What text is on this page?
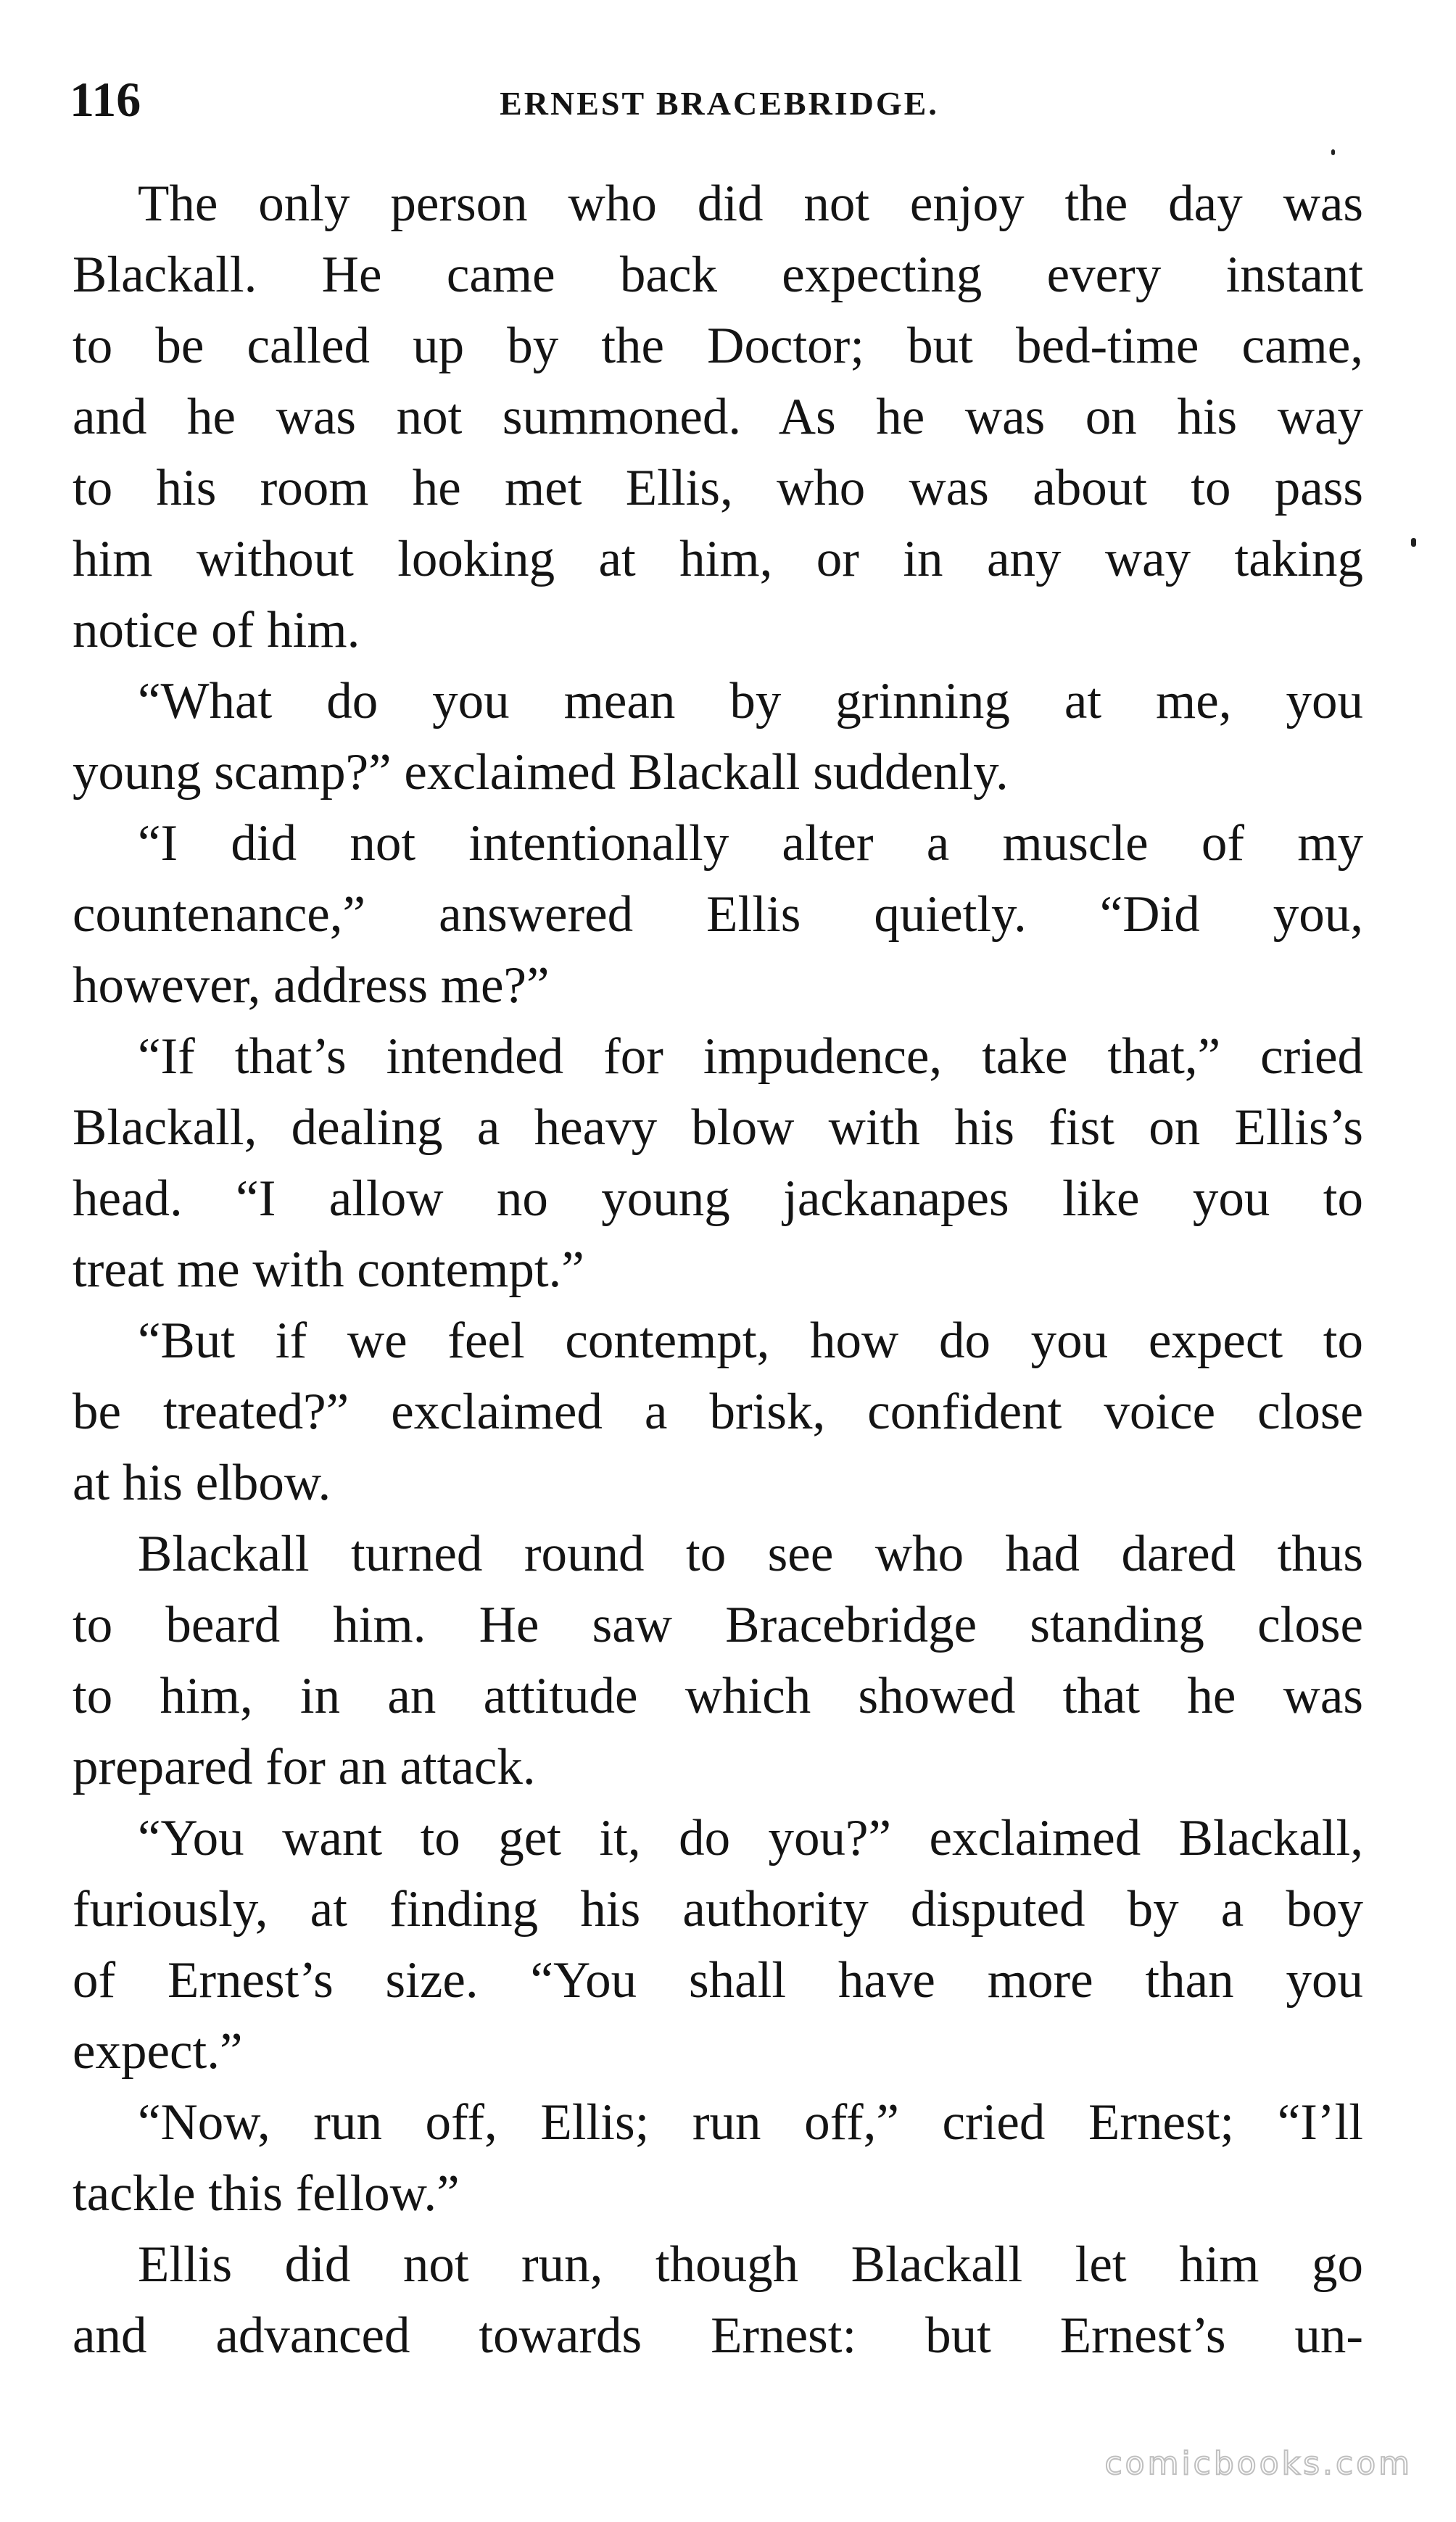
116	ERNEST BRACEBRIDGE.
The only person who did not enjoy the day was
Blackall. He came back expecting every instant
to be called up by the Doctor; but bed-time came,
and he was not summoned. As he was on his way
to his room he met Ellis, who was about to pass
him without looking at him, or in any way taking
notice of him.
“What do you mean by grinning at me, you
young scamp?” exclaimed Blackall suddenly.
“I did not intentionally alter a muscle of my
countenance,” answered Ellis quietly. “Did you,
however, address me?”
“If that’s intended for impudence, take that,” cried
Blackall, dealing a heavy blow with his fist on Ellis’s
head. “I allow no young jackanapes like you to
treat me with contempt.”
“But if we feel contempt, how do you expect to
be treated?” exclaimed a brisk, confident voice close
at his elbow.
Blackall turned round to see who had dared thus
to beard him. He saw Bracebridge standing close
to him, in an attitude which showed that he was
prepared for an attack.
“You want to get it, do you?” exclaimed Blackall,
furiously, at finding his authority disputed by a boy
of Ernest’s size. “You shall have more than you
expect.”
“Now, run off, Ellis; run off,” cried Ernest; “I’ll
tackle this fellow.”
Ellis did not run, though Blackall let him go
and advanced towards Ernest: but Ernest’s un-
comicbooks.com
